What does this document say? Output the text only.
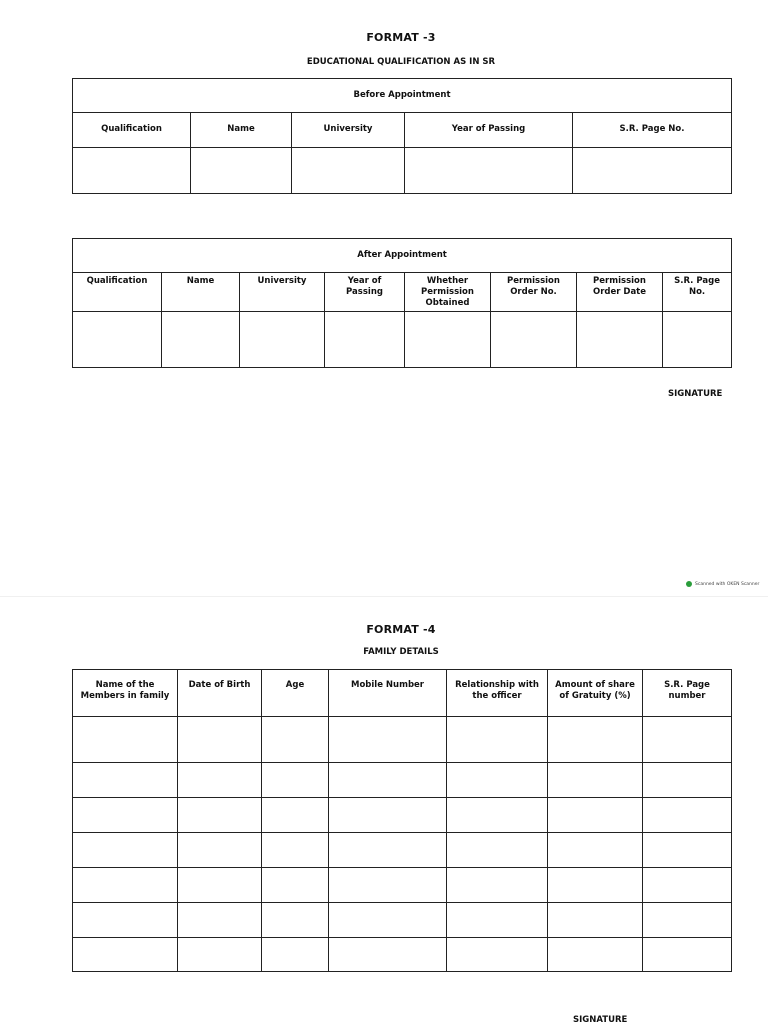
FORMAT -3
EDUCATIONAL QUALIFICATION AS IN SR
Before Appointment				
Qualification	Name	University	Year of Passing	S.R. Page No.

After Appointment							
Qualification	Name	University	Year of Passing	Whether Permission Obtained	Permission Order No.	Permission Order Date	S.R. Page No.

SIGNATURE
Scanned with OKEN Scanner
FORMAT -4
FAMILY DETAILS
Name of the Members in family	Date of Birth	Age	Mobile Number	Relationship with the officer	Amount of share of Gratuity (%)	S.R. Page number

SIGNATURE
